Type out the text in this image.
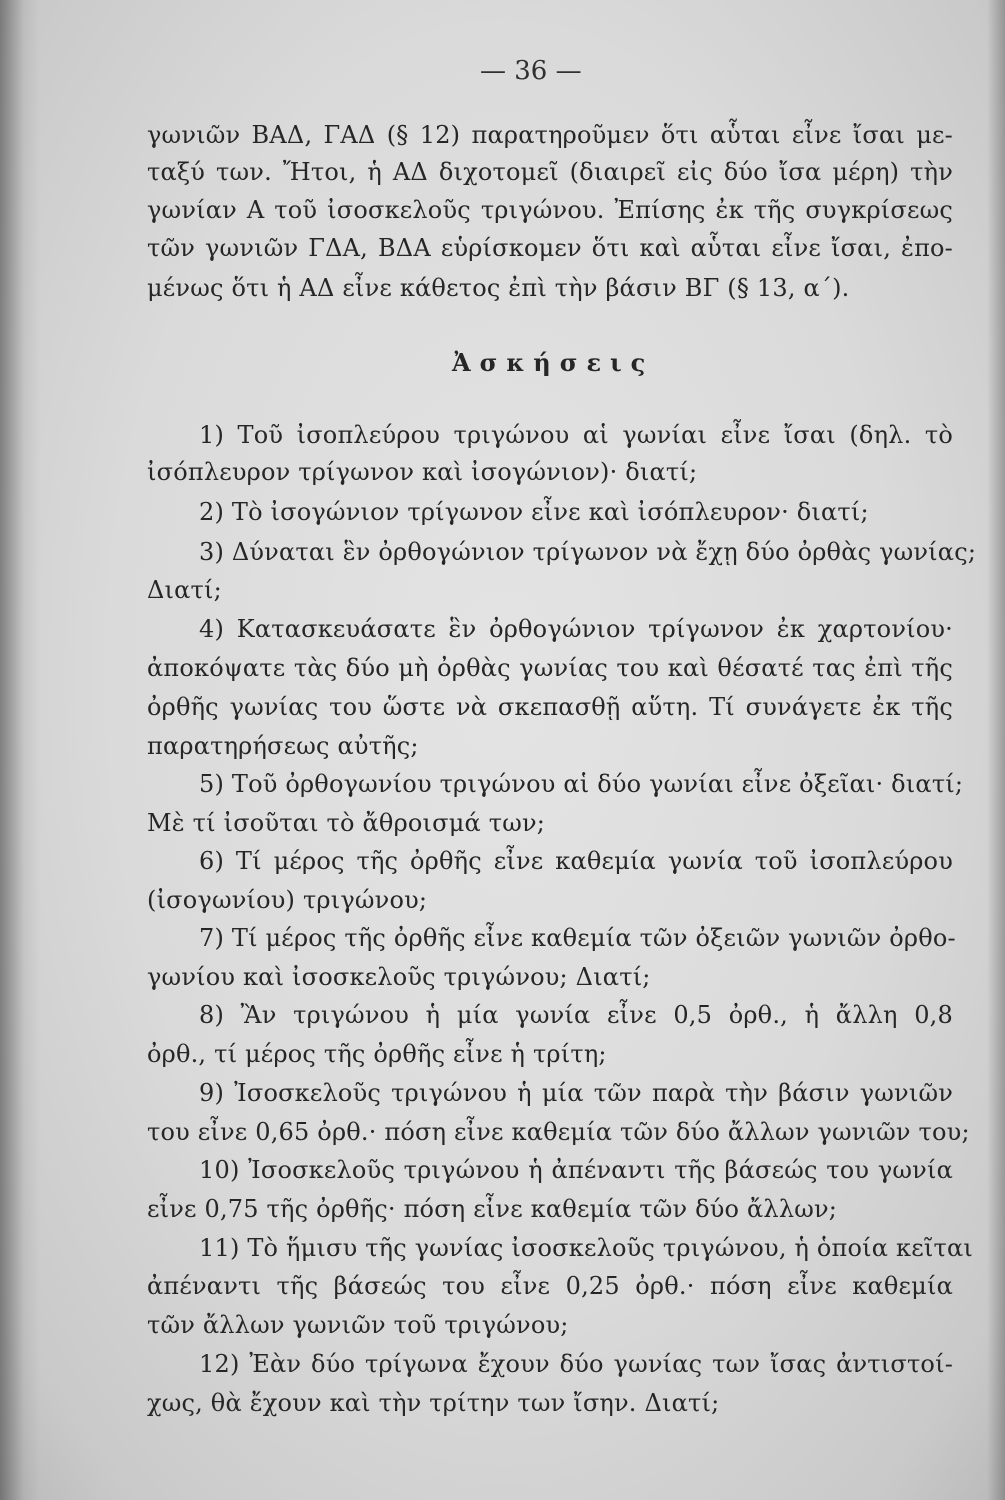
— 36 —
γωνιῶν ΒΑΔ, ΓΑΔ (§ 12) παρατηροῦμεν ὅτι αὗται εἶνε ἴσαι με-
ταξύ των. Ἤτοι, ἡ ΑΔ διχοτομεῖ (διαιρεῖ εἰς δύο ἴσα μέρη) τὴν
γωνίαν Α τοῦ ἰσοσκελοῦς τριγώνου. Ἐπίσης ἐκ τῆς συγκρίσεως
τῶν γωνιῶν ΓΔΑ, ΒΔΑ εὑρίσκομεν ὅτι καὶ αὗται εἶνε ἴσαι, ἐπο-
μένως ὅτι ἡ ΑΔ εἶνε κάθετος ἐπὶ τὴν βάσιν ΒΓ (§ 13, α΄).
Ἀσκήσεις
1) Τοῦ ἰσοπλεύρου τριγώνου αἱ γωνίαι εἶνε ἴσαι (δηλ. τὸ
ἰσόπλευρον τρίγωνον καὶ ἰσογώνιον)· διατί;
2) Τὸ ἰσογώνιον τρίγωνον εἶνε καὶ ἰσόπλευρον· διατί;
3) Δύναται ἓν ὀρθογώνιον τρίγωνον νὰ ἔχῃ δύο ὀρθὰς γωνίας;
Διατί;
4) Κατασκευάσατε ἓν ὀρθογώνιον τρίγωνον ἐκ χαρτονίου·
ἀποκόψατε τὰς δύο μὴ ὀρθὰς γωνίας του καὶ θέσατέ τας ἐπὶ τῆς
ὀρθῆς γωνίας του ὥστε νὰ σκεπασθῇ αὕτη. Τί συνάγετε ἐκ τῆς
παρατηρήσεως αὐτῆς;
5) Τοῦ ὀρθογωνίου τριγώνου αἱ δύο γωνίαι εἶνε ὀξεῖαι· διατί;
Μὲ τί ἰσοῦται τὸ ἄθροισμά των;
6) Τί μέρος τῆς ὀρθῆς εἶνε καθεμία γωνία τοῦ ἰσοπλεύρου
(ἰσογωνίου) τριγώνου;
7) Τί μέρος τῆς ὀρθῆς εἶνε καθεμία τῶν ὀξειῶν γωνιῶν ὀρθο-
γωνίου καὶ ἰσοσκελοῦς τριγώνου; Διατί;
8) Ἂν τριγώνου ἡ μία γωνία εἶνε 0,5 ὀρθ., ἡ ἄλλη 0,8
ὀρθ., τί μέρος τῆς ὀρθῆς εἶνε ἡ τρίτη;
9) Ἰσοσκελοῦς τριγώνου ἡ μία τῶν παρὰ τὴν βάσιν γωνιῶν
του εἶνε 0,65 ὀρθ.· πόση εἶνε καθεμία τῶν δύο ἄλλων γωνιῶν του;
10) Ἰσοσκελοῦς τριγώνου ἡ ἀπέναντι τῆς βάσεώς του γωνία
εἶνε 0,75 τῆς ὀρθῆς· πόση εἶνε καθεμία τῶν δύο ἄλλων;
11) Τὸ ἥμισυ τῆς γωνίας ἰσοσκελοῦς τριγώνου, ἡ ὁποία κεῖται
ἀπέναντι τῆς βάσεώς του εἶνε 0,25 ὀρθ.· πόση εἶνε καθεμία
τῶν ἄλλων γωνιῶν τοῦ τριγώνου;
12) Ἐὰν δύο τρίγωνα ἔχουν δύο γωνίας των ἴσας ἀντιστοί-
χως, θὰ ἔχουν καὶ τὴν τρίτην των ἴσην. Διατί;
